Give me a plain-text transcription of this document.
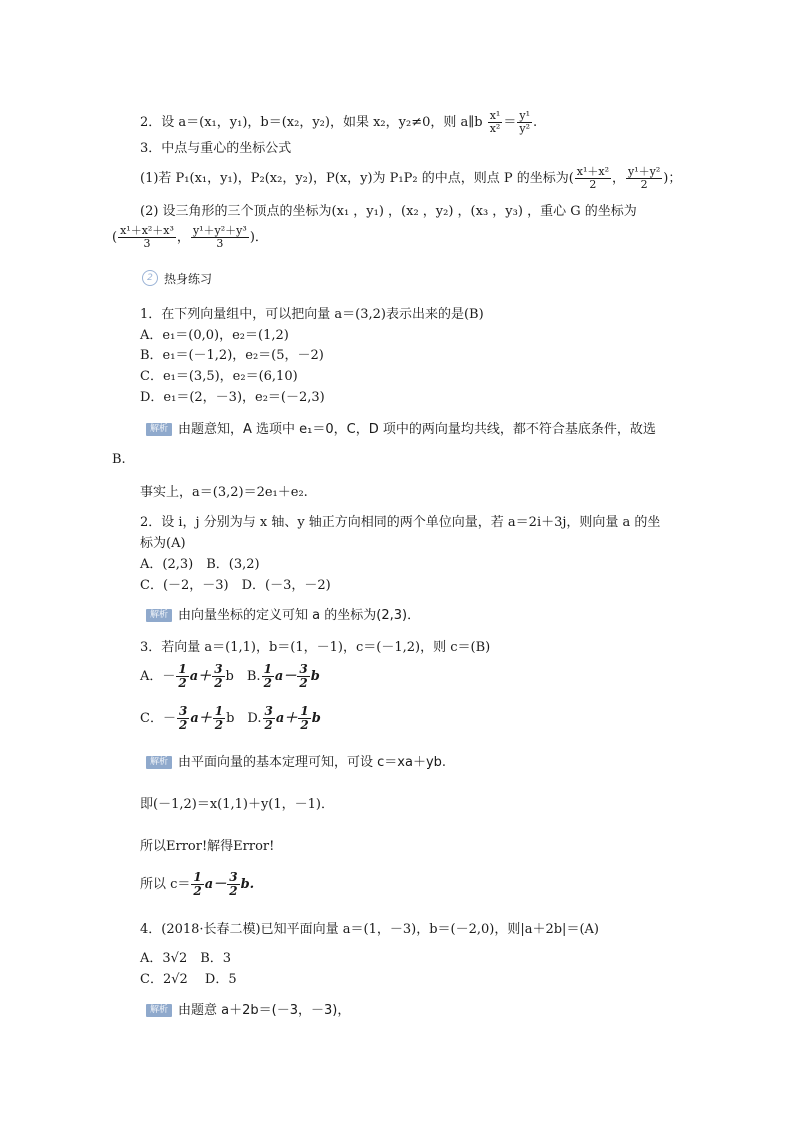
2．设 a＝(x₁，y₁)，b＝(x₂，y₂)，如果 x₂，y₂≠0，则 a∥b $\frac{\text{x¹}}{\text{x²}} = \frac{\text{y¹}}{\text{y²}}$ .
3．中点与重心的坐标公式
(1)若 P₁(x₁，y₁)，P₂(x₂，y₂)，P(x，y)为 P₁P₂ 的中点，则点 P 的坐标为( $\frac{\text{x¹＋x²}}{2}$ ， $\frac{\text{y¹＋y²}}{2}$ )；
(2) 设三角形的三个顶点的坐标为(x₁ ，y₁) ，(x₂ ，y₂) ，(x₃ ，y₃) ，重心 G 的坐标为
( $\frac{\text{x¹＋x²＋x³}}{3}$ ， $\frac{\text{y¹＋y²＋y³}}{3}$ )．
2 热身练习
1．在下列向量组中，可以把向量 a＝(3,2)表示出来的是(B)
A．e₁＝(0,0)，e₂＝(1,2)
B．e₁＝(－1,2)，e₂＝(5，－2)
C．e₁＝(3,5)，e₂＝(6,10)
D．e₁＝(2，－3)，e₂＝(－2,3)
解析 由题意知，A 选项中 e₁＝0，C，D 项中的两向量均共线，都不符合基底条件，故选
B.
事实上，a＝(3,2)＝2e₁＋e₂.
2．设 i，j 分别为与 x 轴、y 轴正方向相同的两个单位向量，若 a＝2i＋3j，则向量 a 的坐
标为(A)
A．(2,3)　B．(3,2)
C．(－2，－3)　D．(－3，－2)
解析 由向量坐标的定义可知 a 的坐标为(2,3)．
3．若向量 a＝(1,1)，b＝(1，－1)，c＝(－1,2)，则 c＝(B)
A．－ $\frac{1}{2} a+ \frac{3}{2}$ b　B. $\frac{1}{2} a- \frac{3}{2}$ b
C．－ $\frac{3}{2} a+ \frac{1}{2}$ b　D. $\frac{3}{2} a+ \frac{1}{2}$ b
解析 由平面向量的基本定理可知，可设 c＝xa＋yb.
即(－1,2)＝x(1,1)＋y(1，－1)．
所以Error!解得Error!
所以 $c= \frac{1}{2} a- \frac{3}{2} b$.
4．(2018·长春二模)已知平面向量 a＝(1，－3)，b＝(－2,0)，则|a＋2b|＝(A)
A．3√2　B．3
C．2√2　 D．5
解析 由题意 a＋2b＝(－3，－3)，
